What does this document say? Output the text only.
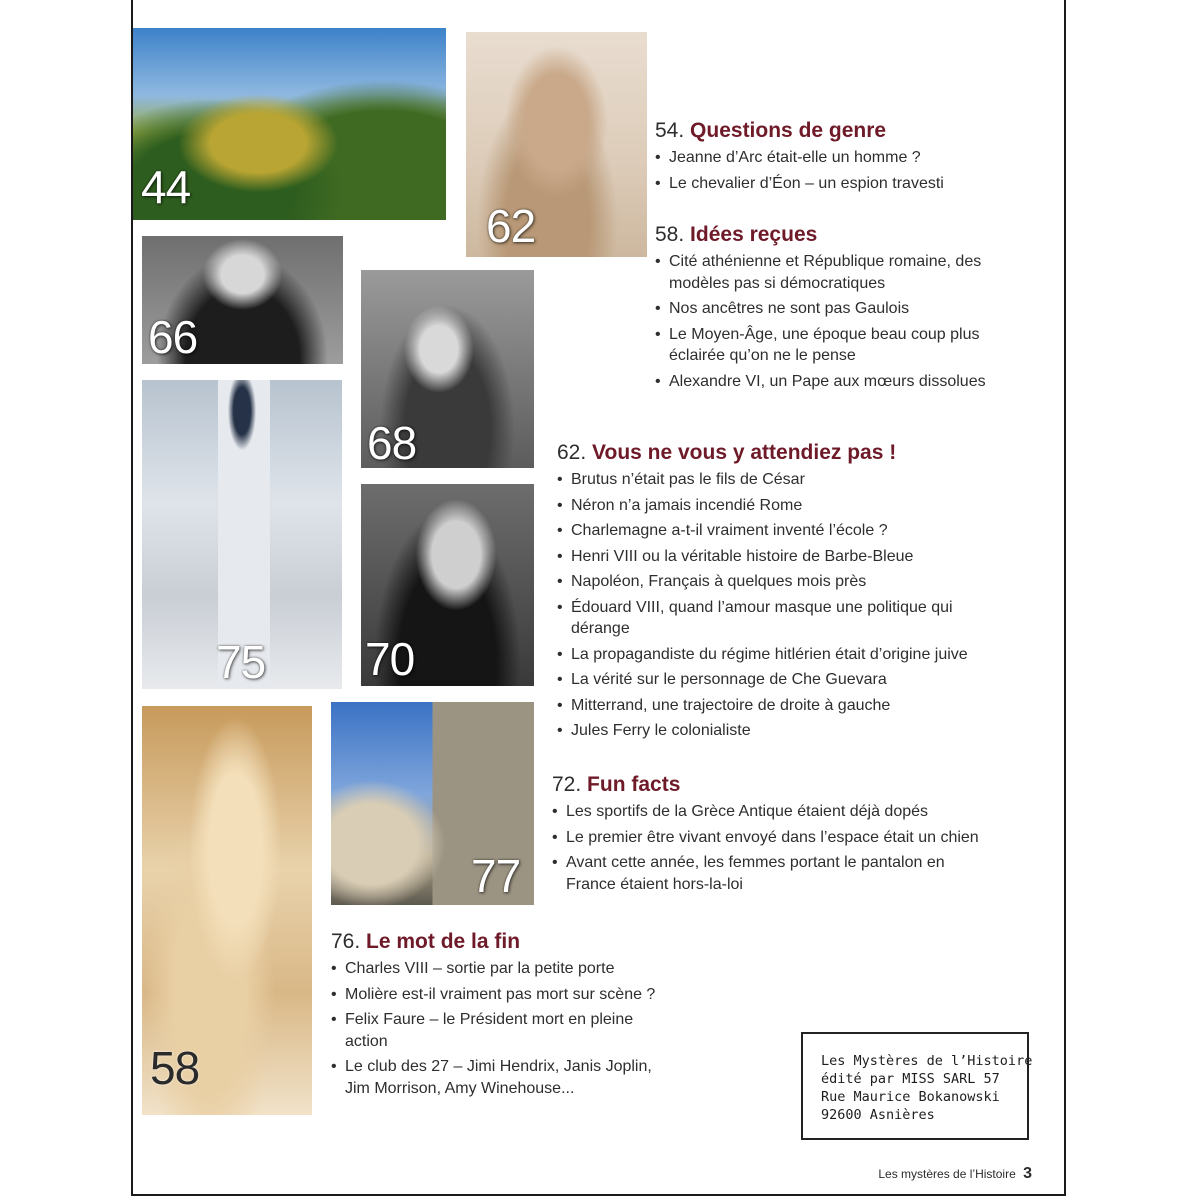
44
62
66
68
75 70
58
77
54. Questions de genre
• Jeanne d’Arc était-elle un homme ?
• Le chevalier d’Éon – un espion travesti
58. Idées reçues
• Cité athénienne et République romaine, des modèles pas si démocratiques
• Nos ancêtres ne sont pas Gaulois
• Le Moyen-Âge, une époque beau coup plus éclairée qu’on ne le pense
• Alexandre VI, un Pape aux mœurs dissolues
62. Vous ne vous y attendiez pas !
• Brutus n’était pas le fils de César
• Néron n’a jamais incendié Rome
• Charlemagne a-t-il vraiment inventé l’école ?
• Henri VIII ou la véritable histoire de Barbe-Bleue
• Napoléon, Français à quelques mois près
• Édouard VIII, quand l’amour masque une politique qui dérange
• La propagandiste du régime hitlérien était d’origine juive
• La vérité sur le personnage de Che Guevara
• Mitterrand, une trajectoire de droite à gauche
• Jules Ferry le colonialiste
72. Fun facts
• Les sportifs de la Grèce Antique étaient déjà dopés
• Le premier être vivant envoyé dans l’espace était un chien
• Avant cette année, les femmes portant le pantalon en France étaient hors-la-loi
76. Le mot de la fin
• Charles VIII – sortie par la petite porte
• Molière est-il vraiment pas mort sur scène ?
• Felix Faure – le Président mort en pleine action
• Le club des 27 – Jimi Hendrix, Janis Joplin, Jim Morrison, Amy Winehouse...
Les Mystères de l’Histoire
édité par MISS SARL 57
Rue Maurice Bokanowski
92600 Asnières
Les mystères de l’Histoire 3
